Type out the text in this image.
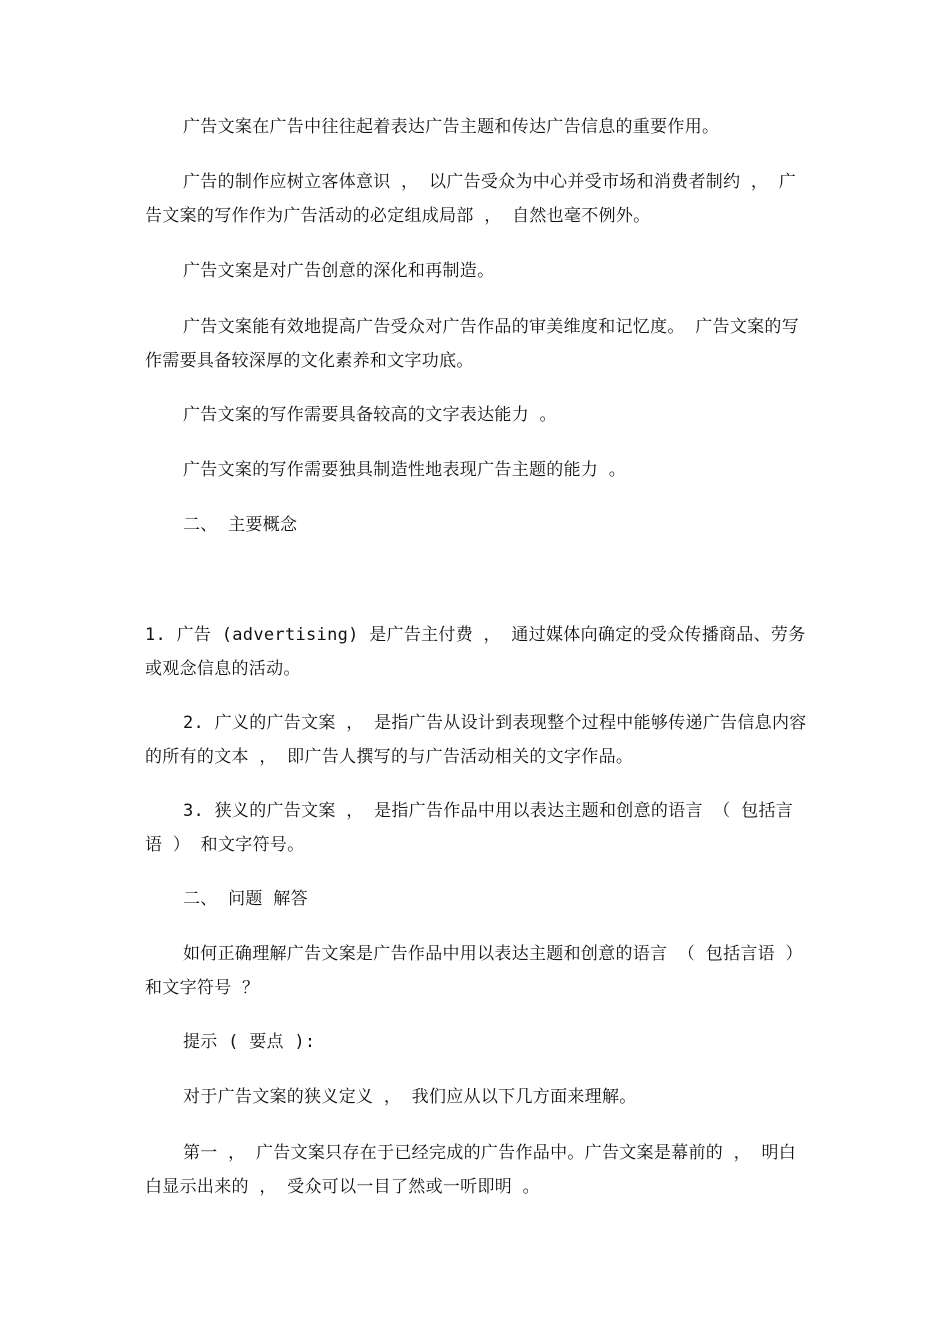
广告文案在广告中往往起着表达广告主题和传达广告信息的重要作用。

广告的制作应树立客体意识 ， 以广告受众为中心并受市场和消费者制约 ， 广告文案的写作作为广告活动的必定组成局部 ， 自然也毫不例外。

广告文案是对广告创意的深化和再制造。

广告文案能有效地提高广告受众对广告作品的审美维度和记忆度。 广告文案的写作需要具备较深厚的文化素养和文字功底。

广告文案的写作需要具备较高的文字表达能力 。

广告文案的写作需要独具制造性地表现广告主题的能力 。

二、 主要概念

1. 广告 (advertising) 是广告主付费 ， 通过媒体向确定的受众传播商品、劳务或观念信息的活动。

2. 广义的广告文案 ， 是指广告从设计到表现整个过程中能够传递广告信息内容的所有的文本 ， 即广告人撰写的与广告活动相关的文字作品。

3. 狭义的广告文案 ， 是指广告作品中用以表达主题和创意的语言 （ 包括言语 ） 和文字符号。

二、 问题 解答

如何正确理解广告文案是广告作品中用以表达主题和创意的语言 （ 包括言语 ） 和文字符号 ？

提示 ( 要点 ):

对于广告文案的狭义定义 ， 我们应从以下几方面来理解。

第一 ， 广告文案只存在于已经完成的广告作品中。广告文案是幕前的 ， 明白白显示出来的 ， 受众可以一目了然或一听即明 。
